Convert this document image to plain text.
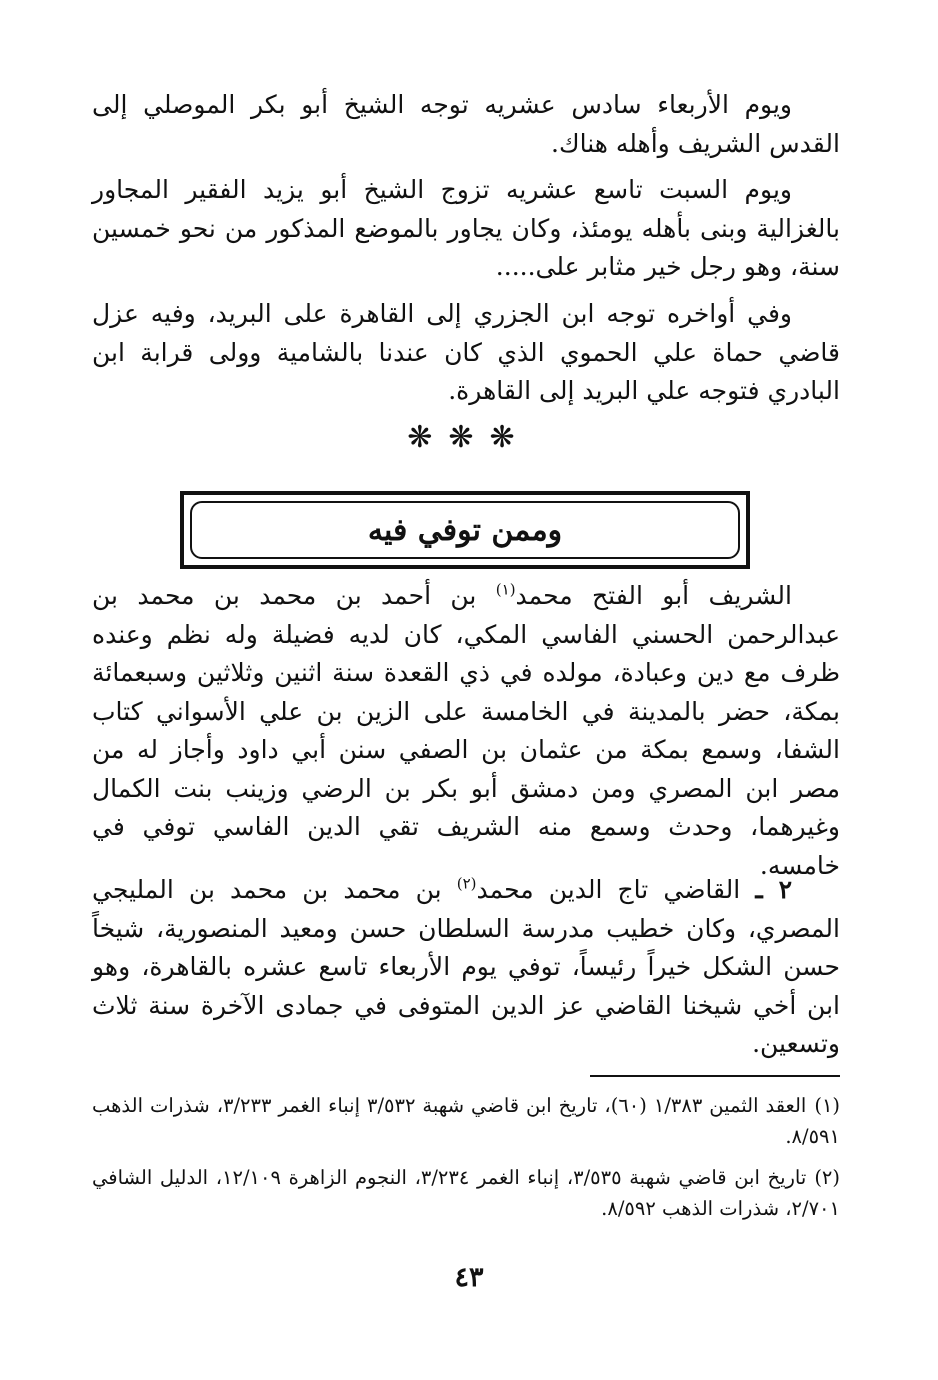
ويوم الأربعاء سادس عشريه توجه الشيخ أبو بكر الموصلي إلى القدس الشريف وأهله هناك.

ويوم السبت تاسع عشريه تزوج الشيخ أبو يزيد الفقير المجاور بالغزالية وبنى بأهله يومئذ، وكان يجاور بالموضع المذكور من نحو خمسين سنة، وهو رجل خير مثابر على.....

وفي أواخره توجه ابن الجزري إلى القاهرة على البريد، وفيه عزل قاضي حماة علي الحموي الذي كان عندنا بالشامية وولى قرابة ابن البادري فتوجه علي البريد إلى القاهرة.

❋❋❋
وممن توفي فيه

الشريف أبو الفتح محمد$^{(١)}$ بن أحمد بن محمد بن محمد بن عبدالرحمن الحسني الفاسي المكي، كان لديه فضيلة وله نظم وعنده ظرف مع دين وعبادة، مولده في ذي القعدة سنة اثنين وثلاثين وسبعمائة بمكة، حضر بالمدينة في الخامسة على الزين بن علي الأسواني كتاب الشفا، وسمع بمكة من عثمان بن الصفي سنن أبي داود وأجاز له من مصر ابن المصري ومن دمشق أبو بكر بن الرضي وزينب بنت الكمال وغيرهما، وحدث وسمع منه الشريف تقي الدين الفاسي توفي في خامسه.

٢ ـ القاضي تاج الدين محمد$^{(٢)}$ بن محمد بن محمد بن المليجي المصري، وكان خطيب مدرسة السلطان حسن ومعيد المنصورية، شيخاً حسن الشكل خيراً رئيساً، توفي يوم الأربعاء تاسع عشره بالقاهرة، وهو ابن أخي شيخنا القاضي عز الدين المتوفى في جمادى الآخرة سنة ثلاث وتسعين.

(١)العقد الثمين ١/٣٨٣ (٦٠)، تاريخ ابن قاضي شهبة ٣/٥٣٢ إنباء الغمر ٣/٢٣٣، شذرات الذهب ٨/٥٩١.

(٢)تاريخ ابن قاضي شهبة ٣/٥٣٥، إنباء الغمر ٣/٢٣٤، النجوم الزاهرة ١٢/١٠٩، الدليل الشافي ٢/٧٠١، شذرات الذهب ٨/٥٩٢.

٤٣
